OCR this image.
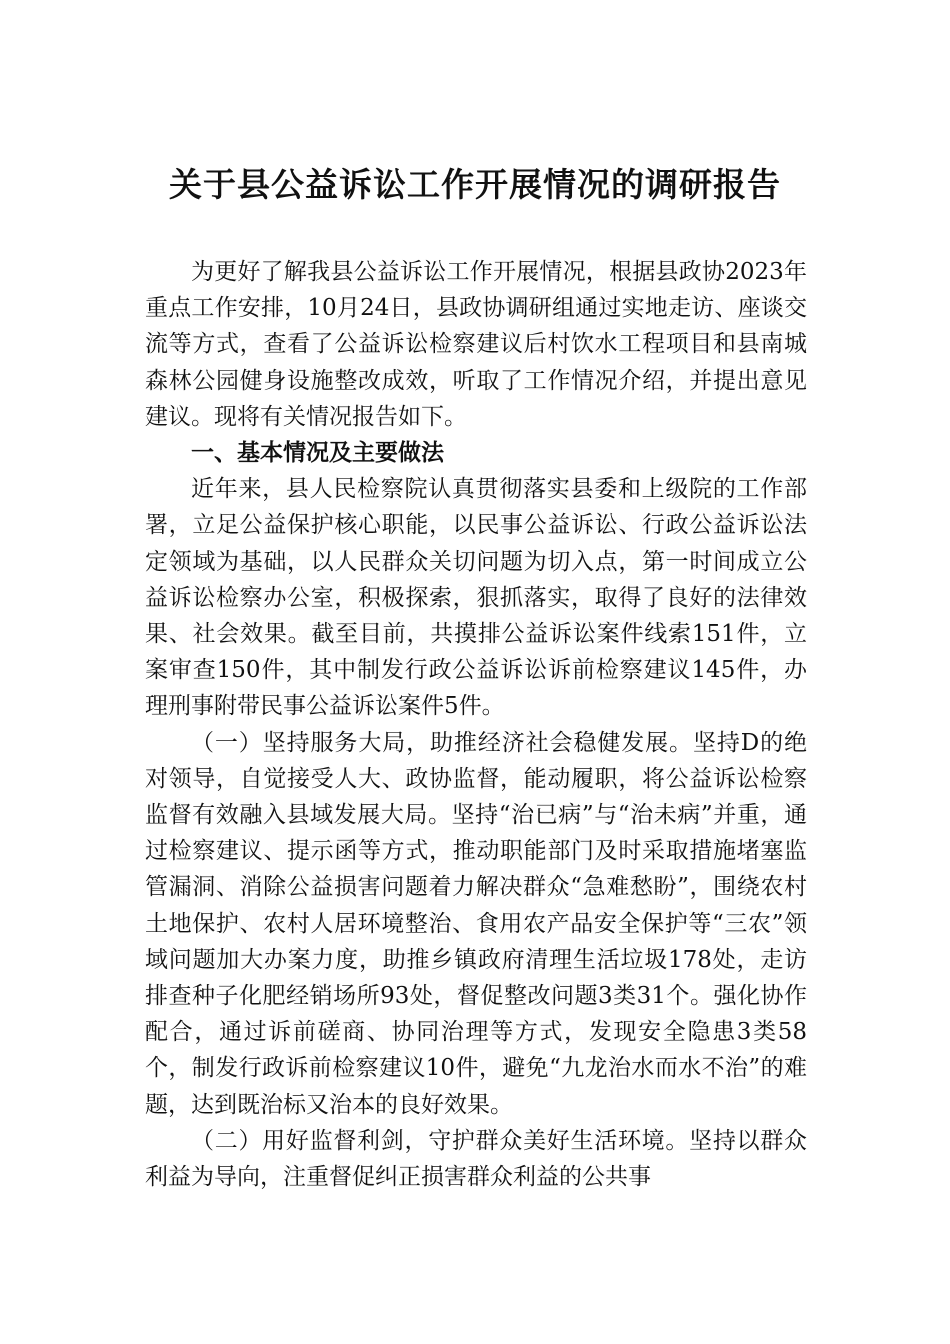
关于县公益诉讼工作开展情况的调研报告

为更好了解我县公益诉讼工作开展情况，根据县政协2023年重点工作安排，10月24日，县政协调研组通过实地走访、座谈交流等方式，查看了公益诉讼检察建议后村饮水工程项目和县南城森林公园健身设施整改成效，听取了工作情况介绍，并提出意见建议。现将有关情况报告如下。

一、基本情况及主要做法

近年来，县人民检察院认真贯彻落实县委和上级院的工作部署，立足公益保护核心职能，以民事公益诉讼、行政公益诉讼法定领域为基础，以人民群众关切问题为切入点，第一时间成立公益诉讼检察办公室，积极探索，狠抓落实，取得了良好的法律效果、社会效果。截至目前，共摸排公益诉讼案件线索151件，立案审查150件，其中制发行政公益诉讼诉前检察建议145件，办理刑事附带民事公益诉讼案件5件。

（一）坚持服务大局，助推经济社会稳健发展。坚持D的绝对领导，自觉接受人大、政协监督，能动履职，将公益诉讼检察监督有效融入县域发展大局。坚持“治已病”与“治未病”并重，通过检察建议、提示函等方式，推动职能部门及时采取措施堵塞监管漏洞、消除公益损害问题着力解决群众“急难愁盼”，围绕农村土地保护、农村人居环境整治、食用农产品安全保护等“三农”领域问题加大办案力度，助推乡镇政府清理生活垃圾178处，走访排查种子化肥经销场所93处，督促整改问题3类31个。强化协作配合，通过诉前磋商、协同治理等方式，发现安全隐患3类58个，制发行政诉前检察建议10件，避免“九龙治水而水不治”的难题，达到既治标又治本的良好效果。

（二）用好监督利剑，守护群众美好生活环境。坚持以群众利益为导向，注重督促纠正损害群众利益的公共事
